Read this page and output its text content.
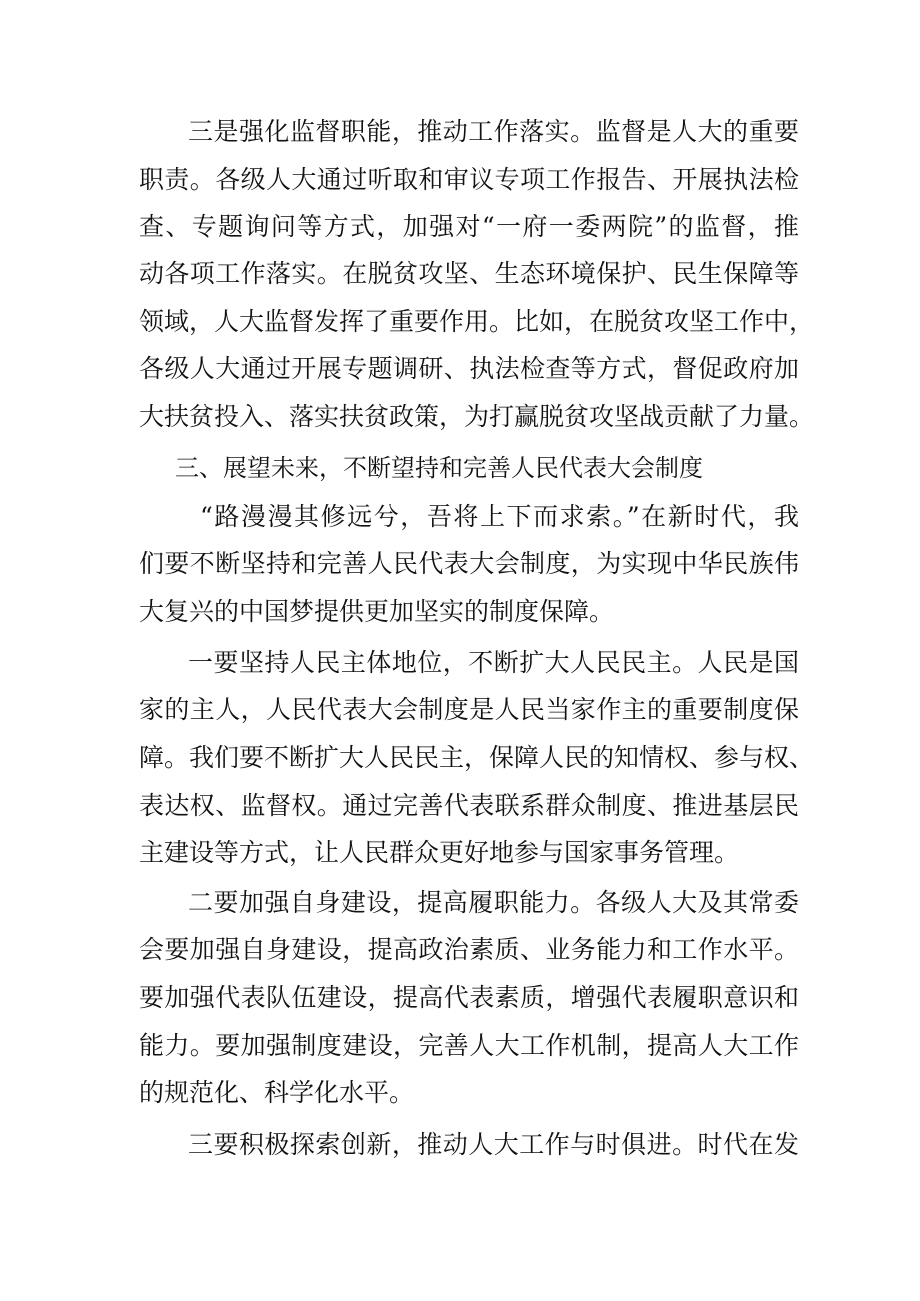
三是强化监督职能，推动工作落实。监督是人大的重要
职责。各级人大通过听取和审议专项工作报告、开展执法检
查、专题询问等方式，加强对“一府一委两院”的监督，推
动各项工作落实。在脱贫攻坚、生态环境保护、民生保障等
领域，人大监督发挥了重要作用。比如，在脱贫攻坚工作中，
各级人大通过开展专题调研、执法检查等方式，督促政府加
大扶贫投入、落实扶贫政策，为打赢脱贫攻坚战贡献了力量。
三、展望未来，不断望持和完善人民代表大会制度
“路漫漫其修远兮，吾将上下而求索。”在新时代，我
们要不断坚持和完善人民代表大会制度，为实现中华民族伟
大复兴的中国梦提供更加坚实的制度保障。
一要坚持人民主体地位，不断扩大人民民主。人民是国
家的主人，人民代表大会制度是人民当家作主的重要制度保
障。我们要不断扩大人民民主，保障人民的知情权、参与权、
表达权、监督权。通过完善代表联系群众制度、推进基层民
主建设等方式，让人民群众更好地参与国家事务管理。
二要加强自身建设，提高履职能力。各级人大及其常委
会要加强自身建设，提高政治素质、业务能力和工作水平。
要加强代表队伍建设，提高代表素质，增强代表履职意识和
能力。要加强制度建设，完善人大工作机制，提高人大工作
的规范化、科学化水平。
三要积极探索创新，推动人大工作与时俱进。时代在发
